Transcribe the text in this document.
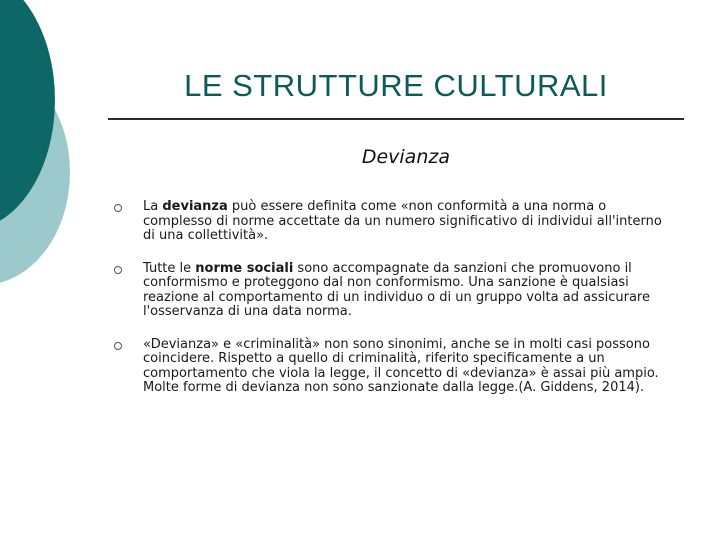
LE STRUTTURE CULTURALI
Devianza
La devianza può essere definita come «non conformità a una norma o complesso di norme accettate da un numero significativo di individui all'interno di una collettività».
Tutte le norme sociali sono accompagnate da sanzioni che promuovono il conformismo e proteggono dal non conformismo. Una sanzione è qualsiasi reazione al comportamento di un individuo o di un gruppo volta ad assicurare l'osservanza di una data norma.
«Devianza» e «criminalità» non sono sinonimi, anche se in molti casi possono coincidere. Rispetto a quello di criminalità, riferito specificamente a un comportamento che viola la legge, il concetto di «devianza» è assai più ampio. Molte forme di devianza non sono sanzionate dalla legge.(A. Giddens, 2014).
